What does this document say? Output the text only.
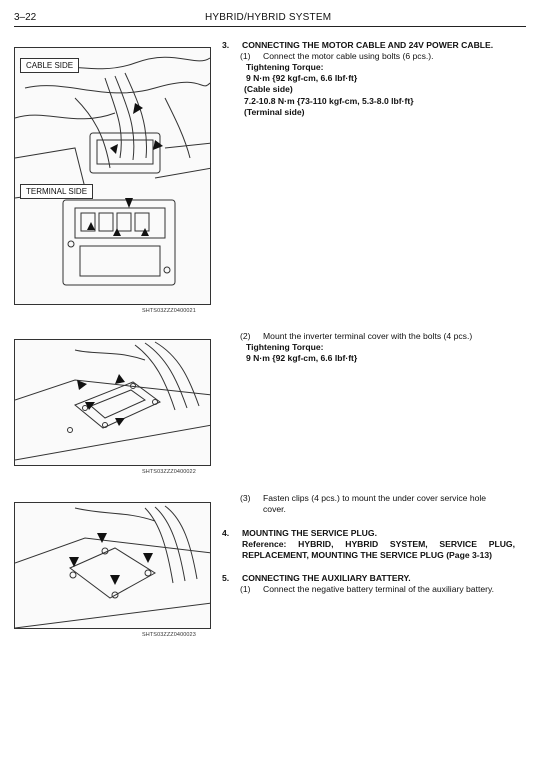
3–22	HYBRID/HYBRID SYSTEM
CABLE SIDE
TERMINAL SIDE
SHTS03ZZZ0400021
SHTS03ZZZ0400022
SHTS03ZZZ0400023
3. CONNECTING THE MOTOR CABLE AND 24V POWER CABLE.
(1) Connect the motor cable using bolts (6 pcs.).
Tightening Torque:
9 N·m {92 kgf-cm, 6.6 lbf·ft}
(Cable side)
7.2-10.8 N·m {73-110 kgf-cm, 5.3-8.0 lbf·ft}
(Terminal side)
(2) Mount the inverter terminal cover with the bolts (4 pcs.)
Tightening Torque:
9 N·m {92 kgf-cm, 6.6 lbf·ft}
(3) Fasten clips (4 pcs.) to mount the under cover service hole
cover.
4. MOUNTING THE SERVICE PLUG.
Reference: HYBRID, HYBRID SYSTEM, SERVICE PLUG,
REPLACEMENT, MOUNTING THE SERVICE PLUG (Page 3-13)
5. CONNECTING THE AUXILIARY BATTERY.
(1) Connect the negative battery terminal of the auxiliary battery.
